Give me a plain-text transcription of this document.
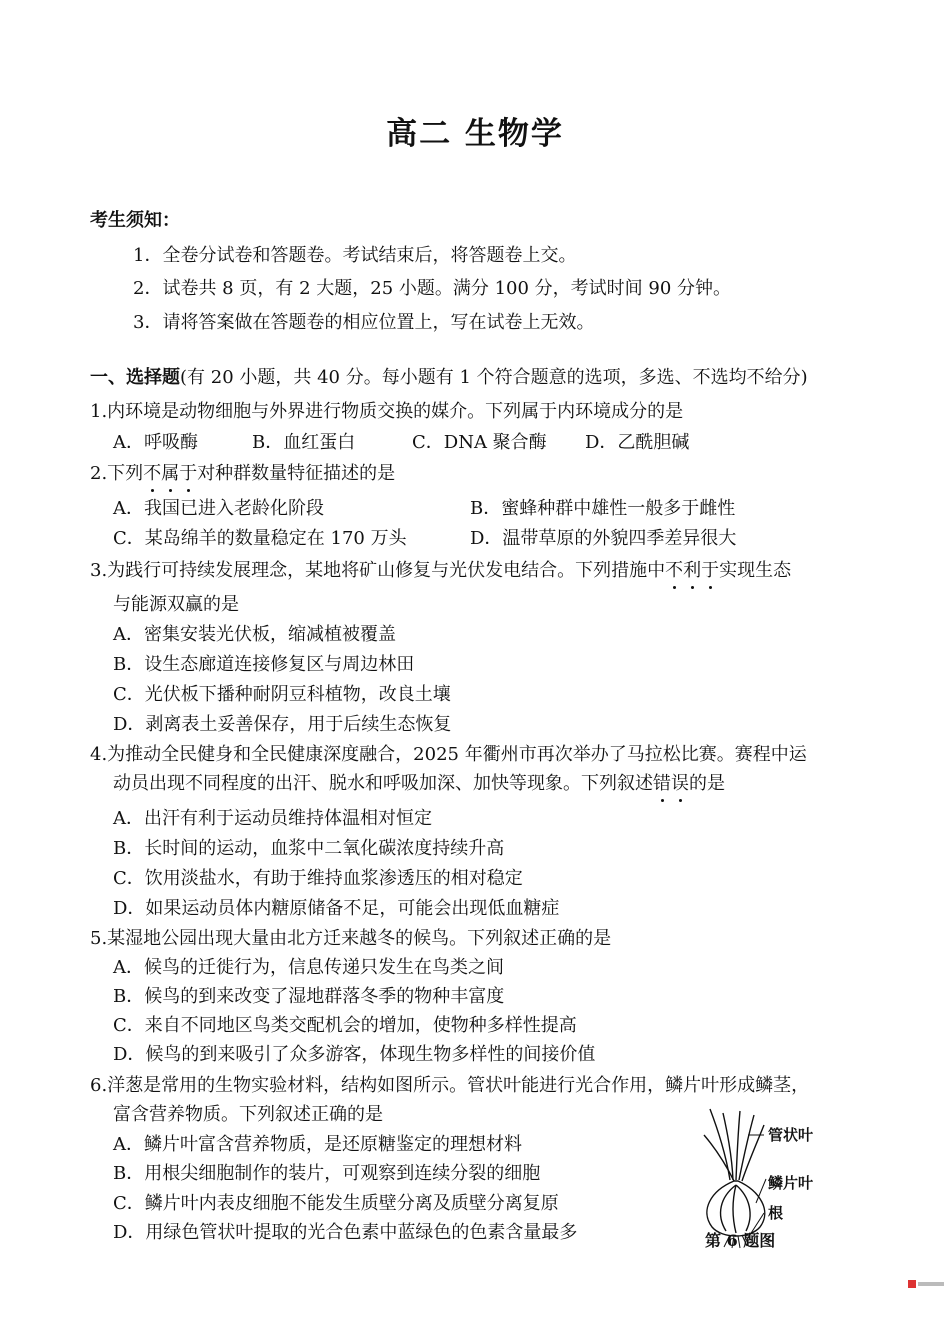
高二 生物学
考生须知：
1．全卷分试卷和答题卷。考试结束后，将答题卷上交。
2．试卷共 8 页，有 2 大题，25 小题。满分 100 分，考试时间 90 分钟。
3．请将答案做在答题卷的相应位置上，写在试卷上无效。
一、选择题(有 20 小题，共 40 分。每小题有 1 个符合题意的选项，多选、不选均不给分)
1.内环境是动物细胞与外界进行物质交换的媒介。下列属于内环境成分的是
A．呼吸酶	B．血红蛋白	C．DNA 聚合酶 D．乙酰胆碱
2.下列不属于对种群数量特征描述的是
A．我国已进入老龄化阶段	B．蜜蜂种群中雄性一般多于雌性
C．某岛绵羊的数量稳定在 170 万头	D．温带草原的外貌四季差异很大
3.为践行可持续发展理念，某地将矿山修复与光伏发电结合。下列措施中不利于实现生态
与能源双赢的是
A．密集安装光伏板，缩减植被覆盖
B．设生态廊道连接修复区与周边林田
C．光伏板下播种耐阴豆科植物，改良土壤
D．剥离表土妥善保存，用于后续生态恢复
4.为推动全民健身和全民健康深度融合，2025 年衢州市再次举办了马拉松比赛。赛程中运
动员出现不同程度的出汗、脱水和呼吸加深、加快等现象。下列叙述错误的是
A．出汗有利于运动员维持体温相对恒定
B．长时间的运动，血浆中二氧化碳浓度持续升高
C．饮用淡盐水，有助于维持血浆渗透压的相对稳定
D．如果运动员体内糖原储备不足，可能会出现低血糖症
5.某湿地公园出现大量由北方迁来越冬的候鸟。下列叙述正确的是
A．候鸟的迁徙行为，信息传递只发生在鸟类之间
B．候鸟的到来改变了湿地群落冬季的物种丰富度
C．来自不同地区鸟类交配机会的增加，使物种多样性提高
D．候鸟的到来吸引了众多游客，体现生物多样性的间接价值
6.洋葱是常用的生物实验材料，结构如图所示。管状叶能进行光合作用，鳞片叶形成鳞茎，
富含营养物质。下列叙述正确的是
A．鳞片叶富含营养物质，是还原糖鉴定的理想材料
B．用根尖细胞制作的装片，可观察到连续分裂的细胞
C．鳞片叶内表皮细胞不能发生质壁分离及质壁分离复原
D．用绿色管状叶提取的光合色素中蓝绿色的色素含量最多
管状叶
鳞片叶
根
第 6 题图
